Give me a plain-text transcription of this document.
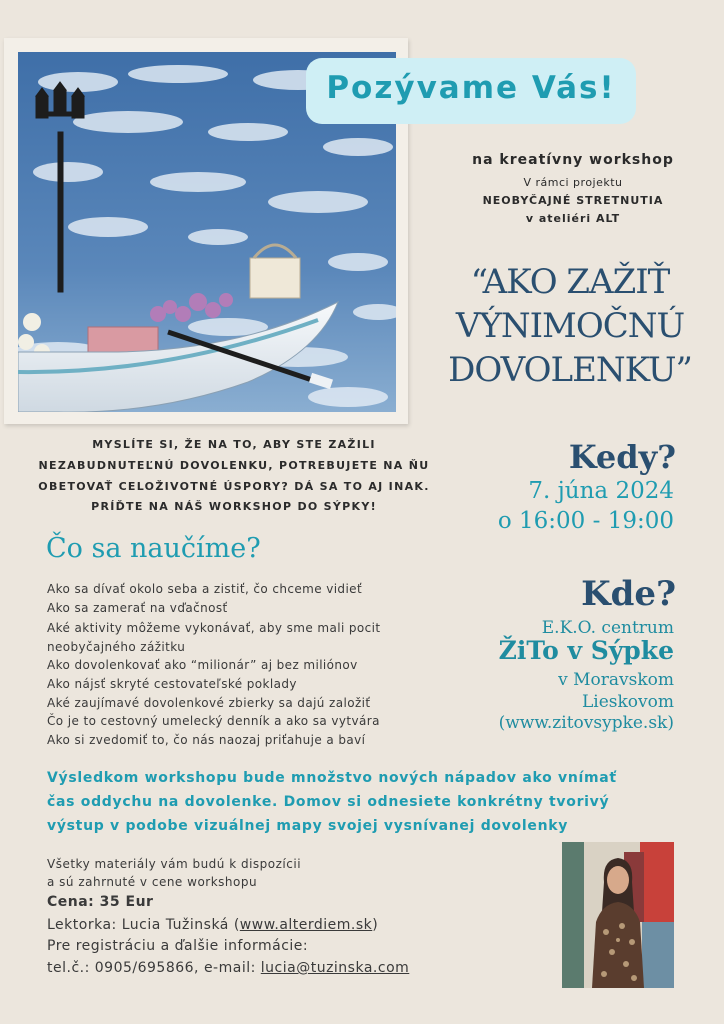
Pozývame Vás!
na kreatívny workshop
V rámci projektu
NEOBYČAJNÉ STRETNUTIA
v ateliéri ALT
“AKO ZAŽIŤ
VÝNIMOČNÚ
DOVOLENKU”
MYSLÍTE SI, ŽE NA TO, ABY STE ZAŽILI
NEZABUDNUTEĽNÚ DOVOLENKU, POTREBUJETE NA ŇU
OBETOVAŤ CELOŽIVOTNÉ ÚSPORY? DÁ SA TO AJ INAK.
PRÍĎTE NA NÁŠ WORKSHOP DO SÝPKY!
Kedy?
7. júna 2024
o 16:00 - 19:00
Kde?
E.K.O. centrum
ŽiTo v Sýpke
v Moravskom
Lieskovom
(www.zitovsypke.sk)
Čo sa naučíme?
Ako sa dívať okolo seba a zistiť, čo chceme vidieť
Ako sa zamerať na vďačnosť
Aké aktivity môžeme vykonávať, aby sme mali pocit
neobyčajného zážitku
Ako dovolenkovať ako “milionár” aj bez miliónov
Ako nájsť skryté cestovateľské poklady
Aké zaujímavé dovolenkové zbierky sa dajú založiť
Čo je to cestovný umelecký denník a ako sa vytvára
Ako si zvedomiť to, čo nás naozaj priťahuje a baví
Výsledkom workshopu bude množstvo nových nápadov ako vnímať
čas oddychu na dovolenke. Domov si odnesiete konkrétny tvorivý
výstup v podobe vizuálnej mapy svojej vysnívanej dovolenky
Všetky materiály vám budú k dispozícii
a sú zahrnuté v cene workshopu
Cena: 35 Eur
Lektorka: Lucia Tužinská (www.alterdiem.sk)
Pre registráciu a ďalšie informácie:
tel.č.: 0905/695866, e-mail: lucia@tuzinska.com
